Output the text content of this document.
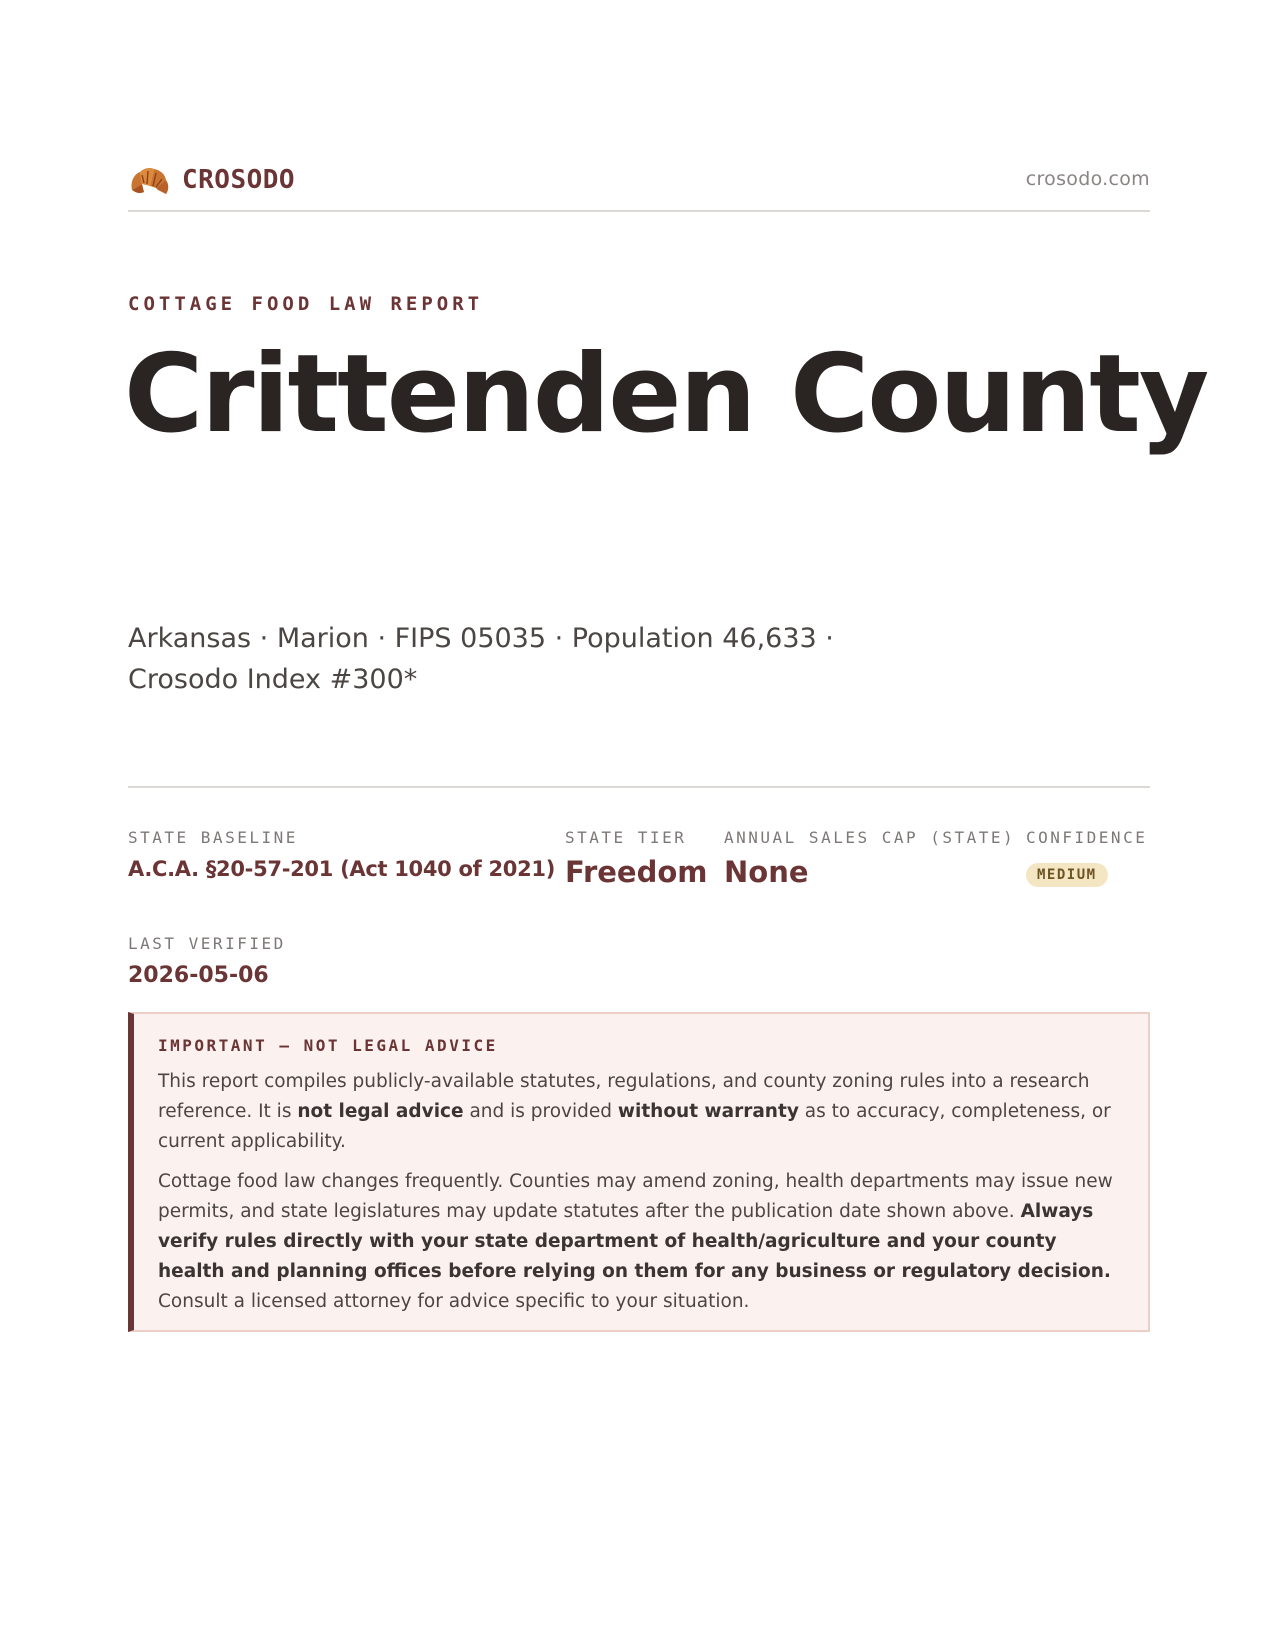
CROSODO	crosodo.com
COTTAGE FOOD LAW REPORT
Crittenden County
Arkansas · Marion · FIPS 05035 · Population 46,633 ·
Crosodo Index #300*
STATE BASELINE
A.C.A. §20-57-201 (Act 1040 of 2021)
STATE TIER
Freedom
ANNUAL SALES CAP (STATE)
None
CONFIDENCE
MEDIUM
LAST VERIFIED
2026-05-06
IMPORTANT — NOT LEGAL ADVICE

This report compiles publicly-available statutes, regulations, and county zoning rules into a research reference. It is not legal advice and is provided without warranty as to accuracy, completeness, or current applicability.

Cottage food law changes frequently. Counties may amend zoning, health departments may issue new permits, and state legislatures may update statutes after the publication date shown above. Always verify rules directly with your state department of health/agriculture and your county health and planning offices before relying on them for any business or regulatory decision. Consult a licensed attorney for advice specific to your situation.
